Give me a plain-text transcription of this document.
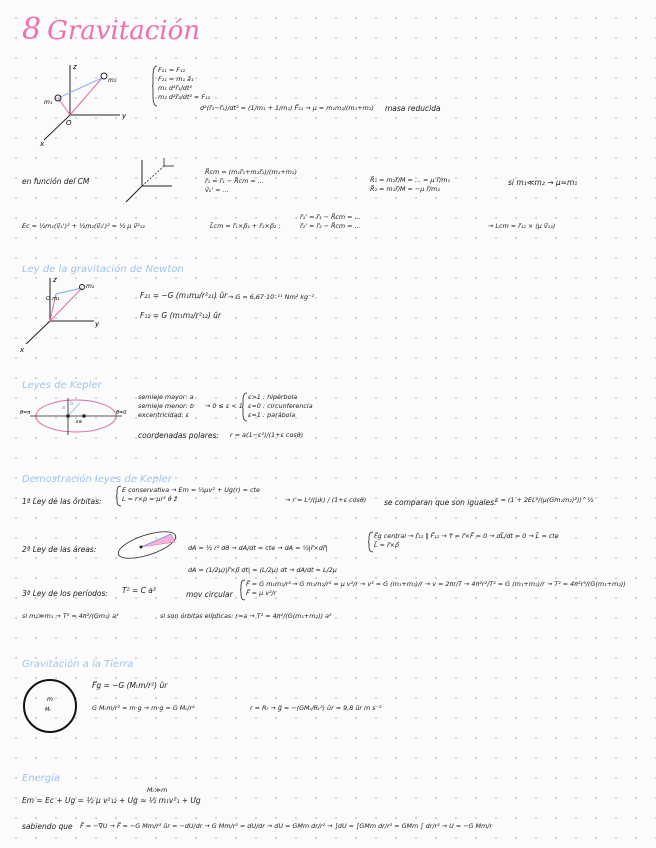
8 Gravitación
z
y
x
O
m₁
m₂
F₂₁ = F₁₂
F₂₁ = m₁ a⃗₁
m₁ d²r⃗₁/dt²
m₂ d²r⃗₂/dt² = F₁₂
d²(r⃗₂−r⃗₁)/dt² = (1/m₁ + 1/m₂) F⃗₂₁ → μ = m₁m₂/(m₁+m₂) masa reducida
en función del CM
R⃗cm = (m₁r⃗₁+m₂r⃗₂)/(m₁+m₂)
r⃗₁ = r⃗₁ − R⃗cm = ...
v⃗₂' = ...
R⃗₁ = m₂r⃗/M = ... = μ r⃗/m₁
R⃗₂ = m₁r⃗/M = −μ r⃗/m₂
si m₁≪m₂ → μ≈m₁
Ec = ½m₁(v⃗₁')² + ½m₂(v⃗₂')² = ½ μ v⃗²₁₂	L⃗cm = r⃗₁×p⃗₁ + r⃗₂×p⃗₂ ;
r⃗₁' = r⃗₁ − R⃗cm = ...
r⃗₂' = r⃗₂ − R⃗cm = ...	→ Lcm = r⃗₁₂ × (μ v⃗₁₂)
Ley de la gravitación de Newton
z
y
x
O m₁
m₂
F₂₁ = −G (m₁m₂/r²₂₁) ûr → G = 6,67·10⁻¹¹ Nm² kg⁻²
F₁₂ = G (m₁m₂/r²₁₂) ûr
Leyes de Kepler
θ=π	θ=0
a
b
εa
semieje mayor: a
semieje menor: b
excentricidad: ε
→ 0 ≤ ε < 1
ε>1 : hipérbola
ε=0 : circunferencia
ε=1 : parábola
coordenadas polares: r = a(1−ε²)/(1+ε cosθ)
Demostración leyes de Kepler
1ª Ley de las órbitas:
E conservativa → Em = ½μv² + Ug(r) = cte
L = r×p = μr² θ̇ ẑ	→ r = L²/(μk) / (1+ε cosθ) se comparan que son iguales:
ε = (1 + 2EL²/(μ(Gm₁m₂)²))^½
2ª Ley de las áreas:	dA = ½ r² dθ → dA/dt = cte → dA = ½|r⃗×dr⃗|
F⃗g central → r⃗₁₂ ∥ F⃗₁₂ → τ⃗ = r⃗×F⃗ = 0 → dL⃗/dt = 0 → L⃗ = cte
L⃗ = r⃗×p⃗
dA = (1/2μ)|r⃗×p⃗ dt| = (L/2μ) dt → dA/dt = L/2μ
3ª Ley de los períodos: T² = C a³	mov circular
F⃗ = G m₁m₂/r²
F⃗ = μ v²/r
→ G m₁m₂/r² = μ v²/r → v² = G (m₁+m₂)/r → v = 2πr/T → 4π²r²/T² = G (m₁+m₂)/r → T² = 4π²r³/(G(m₁+m₂))
si m₂≫m₁ → T² = 4π²/(Gm₂) a³	si son órbitas elípticas: r=a → T² = 4π²/(G(m₁+m₂)) a³
Gravitación a la Tierra
m
Mₜ
F⃗g = −G (Mₜm/r²) ûr
G Mₜm/r² = m·g → m·g = G Mₜ/r²	r = Rₜ → g⃗ = −(GMₜ/Rₜ²) ûr ≈ 9,8 ûr m s⁻²
Energía
Mₜ≫m
Em = Ec + Ug = ½ μ v²₁₂ + Ug ≈ ½ m₁v²₁ + Ug
sabiendo que F⃗ = −∇U → F⃗ = −G Mm/r² ûr = −dU/dr → G Mm/r² = dU/dr → dU = GMm dr/r² → ∫dU = ∫GMm dr/r² = GMm ∫ dr/r² → U = −G Mm/r
